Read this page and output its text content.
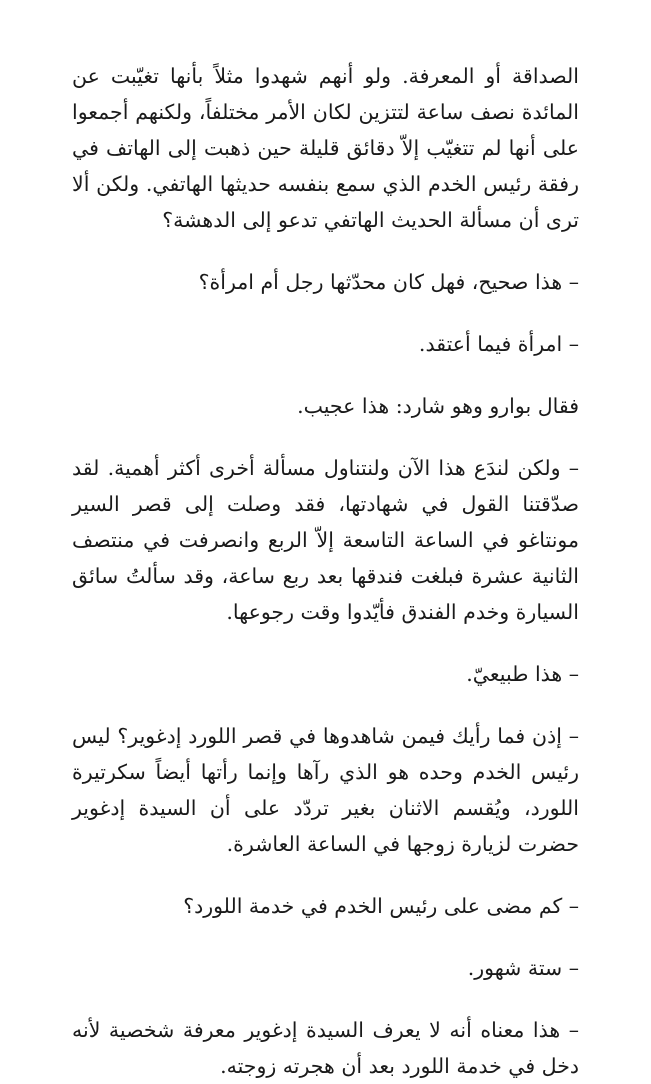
الصداقة أو المعرفة. ولو أنهم شهدوا مثلاً بأنها تغيّبت عن المائدة نصف ساعة لتتزين لكان الأمر مختلفاً، ولكنهم أجمعوا على أنها لم تتغيّب إلاّ دقائق قليلة حين ذهبت إلى الهاتف في رفقة رئيس الخدم الذي سمع بنفسه حديثها الهاتفي. ولكن ألا ترى أن مسألة الحديث الهاتفي تدعو إلى الدهشة؟

– هذا صحيح، فهل كان محدّثها رجل أم امرأة؟

– امرأة فيما أعتقد.

فقال بوارو وهو شارد: هذا عجيب.

– ولكن لندَع هذا الآن ولنتناول مسألة أخرى أكثر أهمية. لقد صدّقتنا القول في شهادتها، فقد وصلت إلى قصر السير مونتاغو في الساعة التاسعة إلاّ الربع وانصرفت في منتصف الثانية عشرة فبلغت فندقها بعد ربع ساعة، وقد سألتُ سائق السيارة وخدم الفندق فأيّدوا وقت رجوعها.

– هذا طبيعيّ.

– إذن فما رأيك فيمن شاهدوها في قصر اللورد إدغوير؟ ليس رئيس الخدم وحده هو الذي رآها وإنما رأتها أيضاً سكرتيرة اللورد، ويُقسم الاثنان بغير تردّد على أن السيدة إدغوير حضرت لزيارة زوجها في الساعة العاشرة.

– كم مضى على رئيس الخدم في خدمة اللورد؟

– ستة شهور.

– هذا معناه أنه لا يعرف السيدة إدغوير معرفة شخصية لأنه دخل في خدمة اللورد بعد أن هجرته زوجته.
